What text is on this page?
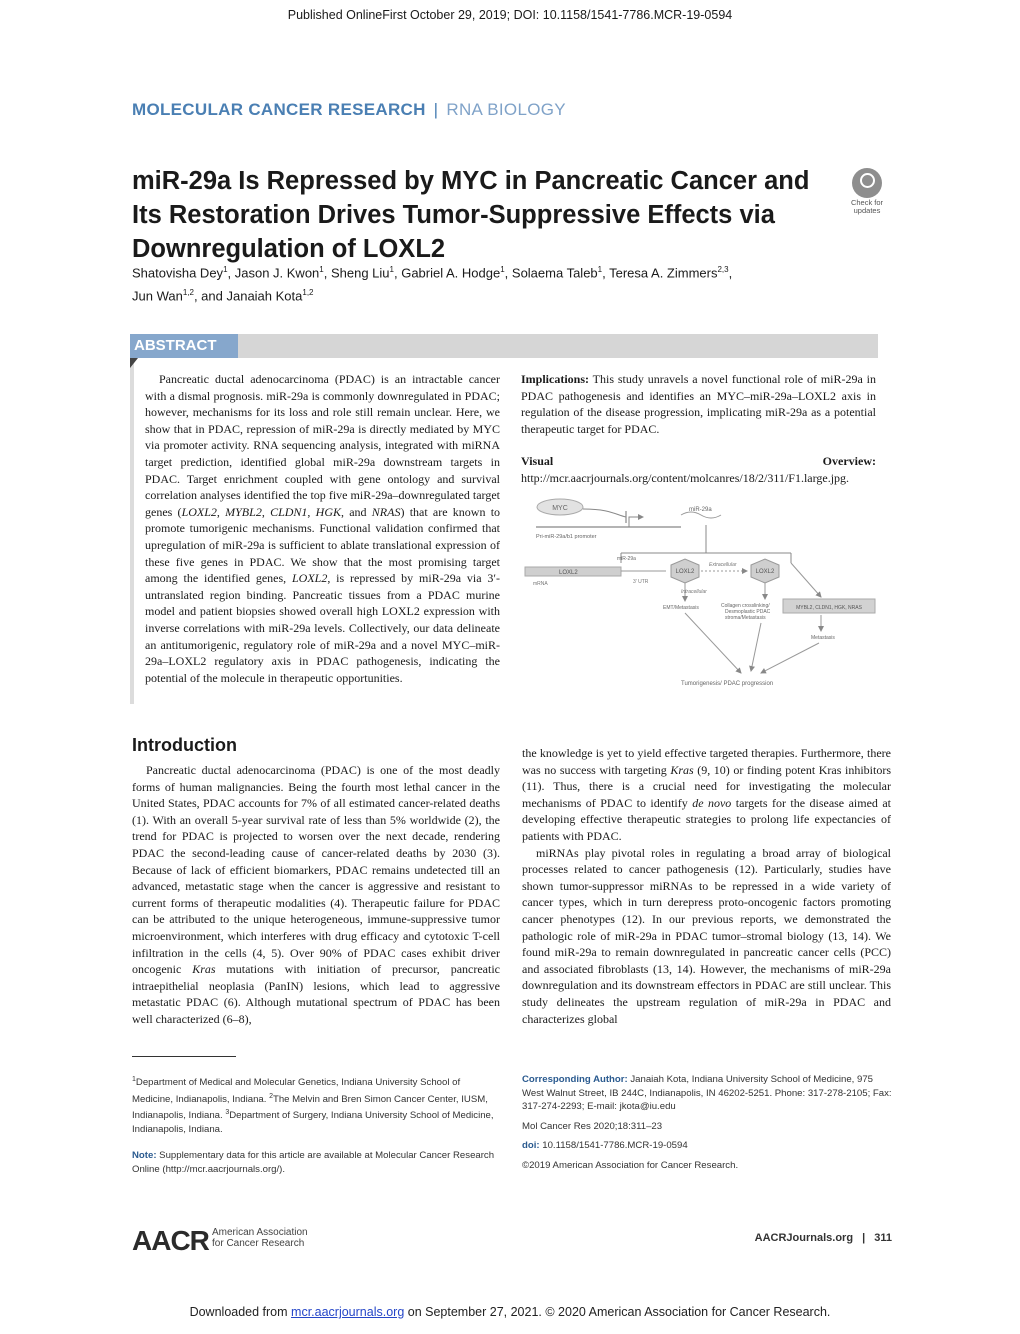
Published OnlineFirst October 29, 2019; DOI: 10.1158/1541-7786.MCR-19-0594
MOLECULAR CANCER RESEARCH | RNA BIOLOGY
miR-29a Is Repressed by MYC in Pancreatic Cancer and
Its Restoration Drives Tumor-Suppressive Effects via
Downregulation of LOXL2
Check for
updates
Shatovisha Dey$^1$, Jason J. Kwon$^1$, Sheng Liu$^1$, Gabriel A. Hodge$^1$, Solaema Taleb$^1$, Teresa A. Zimmers$^{2,3}$,
Jun Wan$^{1,2}$, and Janaiah Kota$^{1,2}$
ABSTRACT
Pancreatic ductal adenocarcinoma (PDAC) is an intractable cancer with a dismal prognosis. miR-29a is commonly downregulated in PDAC; however, mechanisms for its loss and role still remain unclear. Here, we show that in PDAC, repression of miR-29a is directly mediated by MYC via promoter activity. RNA sequencing analysis, integrated with miRNA target prediction, identified global miR-29a downstream targets in PDAC. Target enrichment coupled with gene ontology and survival correlation analyses identified the top five miR-29a–downregulated target genes (LOXL2, MYBL2, CLDN1, HGK, and NRAS) that are known to promote tumorigenic mechanisms. Functional validation confirmed that upregulation of miR-29a is sufficient to ablate translational expression of these five genes in PDAC. We show that the most promising target among the identified genes, LOXL2, is repressed by miR-29a via 3′-untranslated region binding. Pancreatic tissues from a PDAC murine model and patient biopsies showed overall high LOXL2 expression with inverse correlations with miR-29a levels. Collectively, our data delineate an antitumorigenic, regulatory role of miR-29a and a novel MYC–miR-29a–LOXL2 regulatory axis in PDAC pathogenesis, indicating the potential of the molecule in therapeutic opportunities.
Implications: This study unravels a novel functional role of miR-29a in PDAC pathogenesis and identifies an MYC–miR-29a–LOXL2 axis in regulation of the disease progression, implicating miR-29a as a potential therapeutic target for PDAC.
Visual Overview: http://mcr.aacrjournals.org/content/molcanres/18/2/311/F1.large.jpg.
MYC
Pri-miR-29a/b1 promoter
miR-29a
miR-29a
LOXL2
mRNA	3′ UTR
LOXL2
Extracellular
LOXL2
Intracellular
EMT/Metastasis	Collagen crosslinking/
Desmoplastic PDAC
stroma/Metastasis
MYBL2, CLDN1, HGK, NRAS
Metastasis
Tumorigenesis/ PDAC progression
Introduction
Pancreatic ductal adenocarcinoma (PDAC) is one of the most deadly forms of human malignancies. Being the fourth most lethal cancer in the United States, PDAC accounts for 7% of all estimated cancer-related deaths (1). With an overall 5-year survival rate of less than 5% worldwide (2), the trend for PDAC is projected to worsen over the next decade, rendering PDAC the second-leading cause of cancer-related deaths by 2030 (3). Because of lack of efficient biomarkers, PDAC remains undetected till an advanced, metastatic stage when the cancer is aggressive and resistant to current forms of therapeutic modalities (4). Therapeutic failure for PDAC can be attributed to the unique heterogeneous, immune-suppressive tumor microenvironment, which interferes with drug efficacy and cytotoxic T-cell infiltration in the cells (4, 5). Over 90% of PDAC cases exhibit driver oncogenic Kras mutations with initiation of precursor, pancreatic intraepithelial neoplasia (PanIN) lesions, which lead to aggressive metastatic PDAC (6). Although mutational spectrum of PDAC has been well characterized (6–8),
the knowledge is yet to yield effective targeted therapies. Furthermore, there was no success with targeting Kras (9, 10) or finding potent Kras inhibitors (11). Thus, there is a crucial need for investigating the molecular mechanisms of PDAC to identify de novo targets for the disease aimed at developing effective therapeutic strategies to prolong life expectancies of patients with PDAC.
miRNAs play pivotal roles in regulating a broad array of biological processes related to cancer pathogenesis (12). Particularly, studies have shown tumor-suppressor miRNAs to be repressed in a wide variety of cancer types, which in turn derepress proto-oncogenic factors promoting cancer phenotypes (12). In our previous reports, we demonstrated the pathologic role of miR-29a in PDAC tumor–stromal biology (13, 14). We found miR-29a to remain downregulated in pancreatic cancer cells (PCC) and associated fibroblasts (13, 14). However, the mechanisms of miR-29a downregulation and its downstream effectors in PDAC are still unclear. This study delineates the upstream regulation of miR-29a in PDAC and characterizes global
$^1$Department of Medical and Molecular Genetics, Indiana University School of Medicine, Indianapolis, Indiana. $^2$The Melvin and Bren Simon Cancer Center, IUSM, Indianapolis, Indiana. $^3$Department of Surgery, Indiana University School of Medicine, Indianapolis, Indiana.
Note: Supplementary data for this article are available at Molecular Cancer Research Online (http://mcr.aacrjournals.org/).
Corresponding Author: Janaiah Kota, Indiana University School of Medicine, 975 West Walnut Street, IB 244C, Indianapolis, IN 46202-5251. Phone: 317-278-2105; Fax: 317-274-2293; E-mail: jkota@iu.edu
Mol Cancer Res 2020;18:311–23
doi: 10.1158/1541-7786.MCR-19-0594
©2019 American Association for Cancer Research.
AACR American Association
for Cancer Research	AACRJournals.org | 311
Downloaded from mcr.aacrjournals.org on September 27, 2021. © 2020 American Association for Cancer Research.
